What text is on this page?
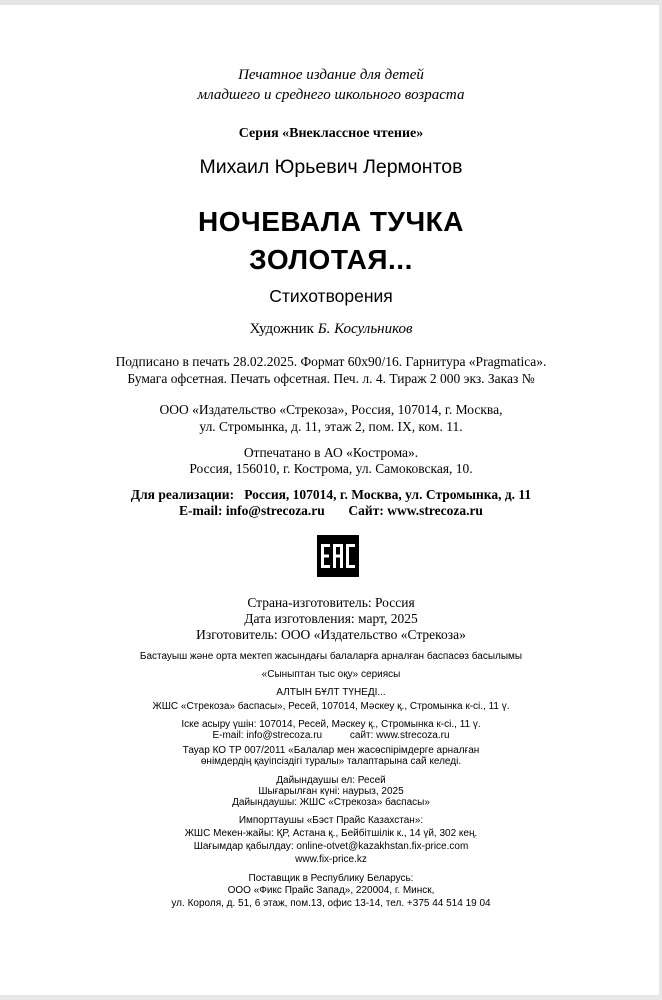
Печатное издание для детей
младшего и среднего школьного возраста
Серия «Внеклассное чтение»
Михаил Юрьевич Лермонтов
НОЧЕВАЛА ТУЧКА
ЗОЛОТАЯ...
Стихотворения
Художник Б. Косульников
Подписано в печать 28.02.2025. Формат 60х90/16. Гарнитура «Pragmatica».
Бумага офсетная. Печать офсетная. Печ. л. 4. Тираж 2 000 экз. Заказ №
ООО «Издательство «Стрекоза», Россия, 107014, г. Москва,
ул. Стромынка, д. 11, этаж 2, пом. IX, ком. 11.
Отпечатано в АО «Кострома».
Россия, 156010, г. Кострома, ул. Самоковская, 10.
Для реализации:   Россия, 107014, г. Москва, ул. Стромынка, д. 11
E-mail: info@strecoza.ru       Сайт: www.strecoza.ru
Страна-изготовитель: Россия
Дата изготовления: март, 2025
Изготовитель: ООО «Издательство «Стрекоза»
Бастауыш және орта мектеп жасындағы балаларға арналған баспасөз басылымы
«Сыныптан тыс оқу» сериясы
АЛТЫН БҰЛТ ТҮНЕДІ...
ЖШС «Стрекоза» баспасы», Ресей, 107014, Мәскеу қ., Стромынка к-сі., 11 ү.
Іске асыру үшін: 107014, Ресей, Мәскеу қ., Стромынка к-сі., 11 ү.
E-mail: info@strecoza.ru          сайт: www.strecoza.ru
Тауар КО ТР 007/2011 «Балалар мен жасөспірімдерге арналған
өнімдердің қауіпсіздігі туралы» талаптарына сай келеді.
Дайындаушы ел: Ресей
Шығарылған күні: наурыз, 2025
Дайындаушы: ЖШС «Стрекоза» баспасы»
Импорттаушы «Бэст Прайс Казахстан»:
ЖШС Мекен-жайы: ҚР, Астана қ., Бейбітшілік к., 14 үй, 302 кең.
Шағымдар қабылдау: online-otvet@kazakhstan.fix-price.com
www.fix-price.kz
Поставщик в Республику Беларусь:
ООО «Фикс Прайс Запад», 220004, г. Минск,
ул. Короля, д. 51, 6 этаж, пом.13, офис 13-14, тел. +375 44 514 19 04
